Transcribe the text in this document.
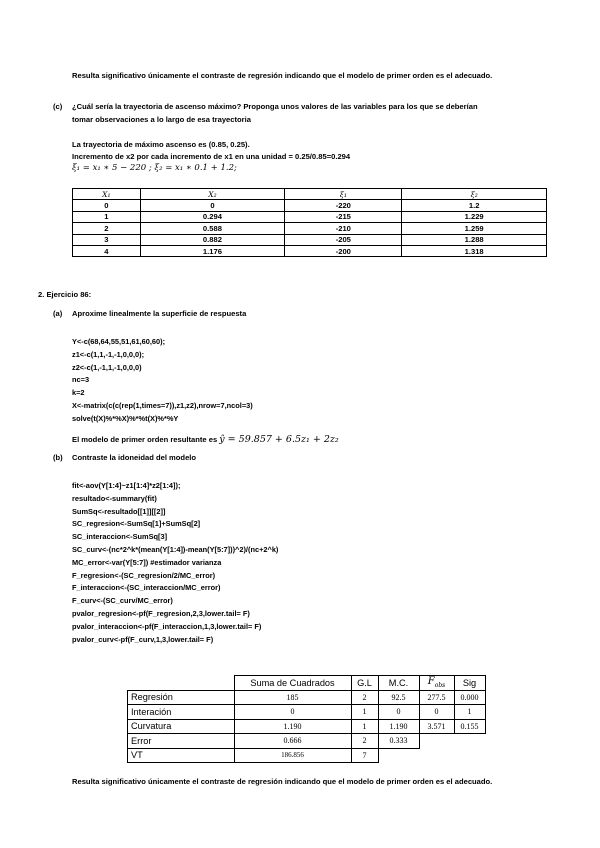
Resulta significativo únicamente el contraste de regresión indicando que el modelo de primer orden es el adecuado.
(c) ¿Cuál sería la trayectoria de ascenso máximo? Proponga unos valores de las variables para los que se deberían
tomar observaciones a lo largo de esa trayectoria
La trayectoria de máximo ascenso es (0.85, 0.25).
Incremento de x2 por cada incremento de x1 en una unidad = 0.25/0.85=0.294
ξ₁ = x₁ ∗ 5 − 220 ; ξ₂ = x₁ ∗ 0.1 + 1.2;
X₁	X₂	ξ₁	ξ₂
0	0	-220	1.2
1	0.294	-215	1.229
2	0.588	-210	1.259
3	0.882	-205	1.288
4	1.176	-200	1.318
2. Ejercicio 86:
(a) Aproxime linealmente la superficie de respuesta
Y<-c(68,64,55,51,61,60,60);
z1<-c(1,1,-1,-1,0,0,0);
z2<-c(1,-1,1,-1,0,0,0)
nc=3
k=2
X<-matrix(c(c(rep(1,times=7)),z1,z2),nrow=7,ncol=3)
solve(t(X)%*%X)%*%t(X)%*%Y
El modelo de primer orden resultante es ŷ = 59.857 + 6.5z₁ + 2z₂
(b) Contraste la idoneidad del modelo
fit<-aov(Y[1:4]~z1[1:4]*z2[1:4]);
resultado<-summary(fit)
SumSq<-resultado[[1]][[2]]
SC_regresion<-SumSq[1]+SumSq[2]
SC_interaccion<-SumSq[3]
SC_curv<-(nc*2^k*(mean(Y[1:4])-mean(Y[5:7]))^2)/(nc+2^k)
MC_error<-var(Y[5:7]) #estimador varianza
F_regresion<-(SC_regresion/2/MC_error)
F_interaccion<-(SC_interaccion/MC_error)
F_curv<-(SC_curv/MC_error)
pvalor_regresion<-pf(F_regresion,2,3,lower.tail= F)
pvalor_interaccion<-pf(F_interaccion,1,3,lower.tail= F)
pvalor_curv<-pf(F_curv,1,3,lower.tail= F)
	Suma de Cuadrados	G.L	M.C.	$F_{obs}$	Sig
Regresión	185	2	92.5	277.5	0.000
Interación	0	1	0	0	1
Curvatura	1.190	1	1.190	3.571	0.155
Error	0.666	2	0.333		
VT	186.856	7			
Resulta significativo únicamente el contraste de regresión indicando que el modelo de primer orden es el adecuado.
